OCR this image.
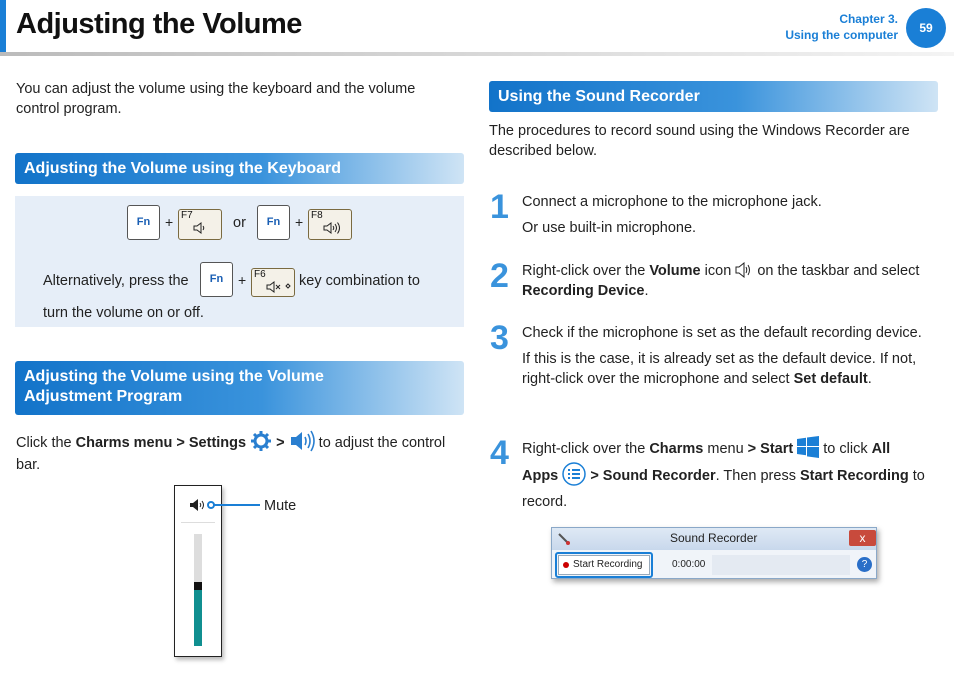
Adjusting the Volume	Chapter 3.
Using the computer	59
You can adjust the volume using the keyboard and the volume control program.
Adjusting the Volume using the Keyboard
Fn	+ F7	or	Fn	+ F8
Alternatively, press the	Fn	+ F6 key combination to
turn the volume on or off.
Adjusting the Volume using the Volume
Adjustment Program
Click the Charms menu > Settings > to adjust the control
bar.
Mute
Using the Sound Recorder
The procedures to record sound using the Windows Recorder are described below.
1 Connect a microphone to the microphone jack.
Or use built-in microphone.
2 Right-click over the Volume icon on the taskbar and select Recording Device.
3 Check if the microphone is set as the default recording device.
If this is the case, it is already set as the default device. If not, right-click over the microphone and select Set default.
4 Right-click over the Charms menu > Start to click All
Apps > Sound Recorder. Then press Start Recording to
record.
Sound Recorder	x
Start Recording	0:00:00	?
